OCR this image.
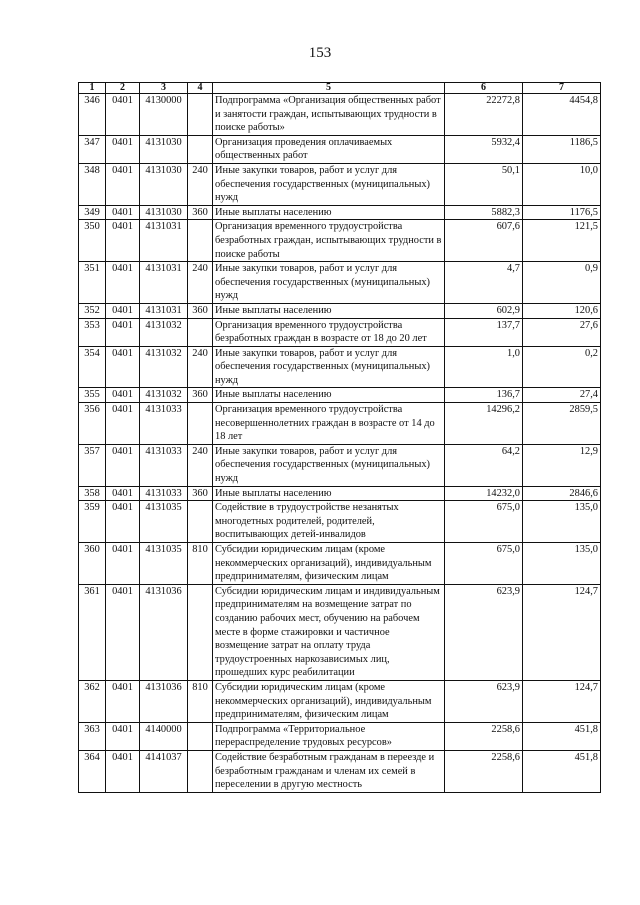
153
1	2	3	4	5	6	7
346	0401	4130000		Подпрограмма «Организация общественных работ и занятости граждан, испытывающих трудности в поиске работы»	22272,8	4454,8
347	0401	4131030		Организация проведения оплачиваемых общественных работ	5932,4	1186,5
348	0401	4131030	240	Иные закупки товаров, работ и услуг для обеспечения государственных (муниципальных) нужд	50,1	10,0
349	0401	4131030	360	Иные выплаты населению	5882,3	1176,5
350	0401	4131031		Организация временного трудоустройства безработных граждан, испытывающих трудности в поиске работы	607,6	121,5
351	0401	4131031	240	Иные закупки товаров, работ и услуг для обеспечения государственных (муниципальных) нужд	4,7	0,9
352	0401	4131031	360	Иные выплаты населению	602,9	120,6
353	0401	4131032		Организация временного трудоустройства безработных граждан в возрасте от 18 до 20 лет	137,7	27,6
354	0401	4131032	240	Иные закупки товаров, работ и услуг для обеспечения государственных (муниципальных) нужд	1,0	0,2
355	0401	4131032	360	Иные выплаты населению	136,7	27,4
356	0401	4131033		Организация временного трудоустройства несовершеннолетних граждан в возрасте от 14 до 18 лет	14296,2	2859,5
357	0401	4131033	240	Иные закупки товаров, работ и услуг для обеспечения государственных (муниципальных) нужд	64,2	12,9
358	0401	4131033	360	Иные выплаты населению	14232,0	2846,6
359	0401	4131035		Содействие в трудоустройстве незанятых многодетных родителей, родителей, воспитывающих детей-инвалидов	675,0	135,0
360	0401	4131035	810	Субсидии юридическим лицам (кроме некоммерческих организаций), индивидуальным предпринимателям, физическим лицам	675,0	135,0
361	0401	4131036		Субсидии юридическим лицам и индивидуальным предпринимателям на возмещение затрат по созданию рабочих мест, обучению на рабочем месте в форме стажировки и частичное возмещение затрат на оплату труда трудоустроенных наркозависимых лиц, прошедших курс реабилитации	623,9	124,7
362	0401	4131036	810	Субсидии юридическим лицам (кроме некоммерческих организаций), индивидуальным предпринимателям, физическим лицам	623,9	124,7
363	0401	4140000		Подпрограмма «Территориальное перераспределение трудовых ресурсов»	2258,6	451,8
364	0401	4141037		Содействие безработным гражданам в переезде и безработным гражданам и членам их семей в переселении в другую местность	2258,6	451,8
